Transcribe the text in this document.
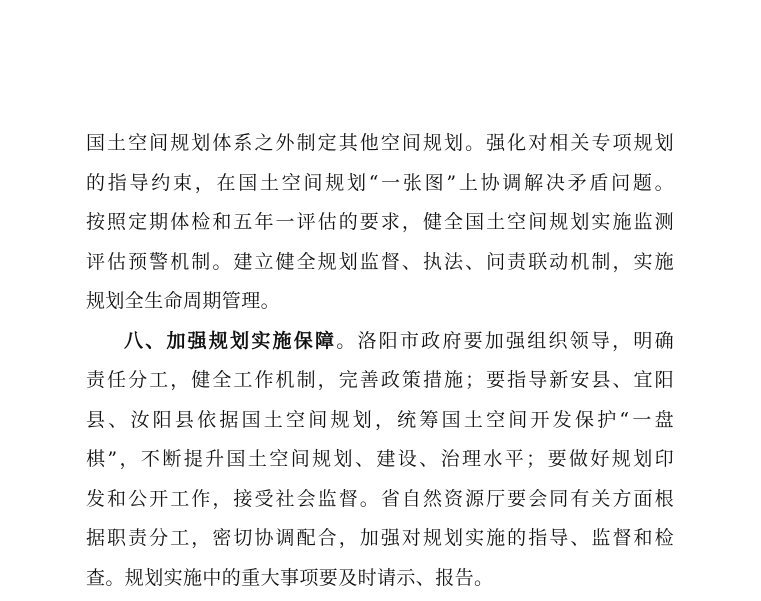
国土空间规划体系之外制定其他空间规划。强化对相关专项规划
的指导约束，在国土空间规划“一张图”上协调解决矛盾问题。
按照定期体检和五年一评估的要求，健全国土空间规划实施监测
评估预警机制。建立健全规划监督、执法、问责联动机制，实施
规划全生命周期管理。
八、加强规划实施保障。洛阳市政府要加强组织领导，明确
责任分工，健全工作机制，完善政策措施；要指导新安县、宜阳
县、汝阳县依据国土空间规划，统筹国土空间开发保护“一盘
棋”，不断提升国土空间规划、建设、治理水平；要做好规划印
发和公开工作，接受社会监督。省自然资源厅要会同有关方面根
据职责分工，密切协调配合，加强对规划实施的指导、监督和检
查。规划实施中的重大事项要及时请示、报告。
